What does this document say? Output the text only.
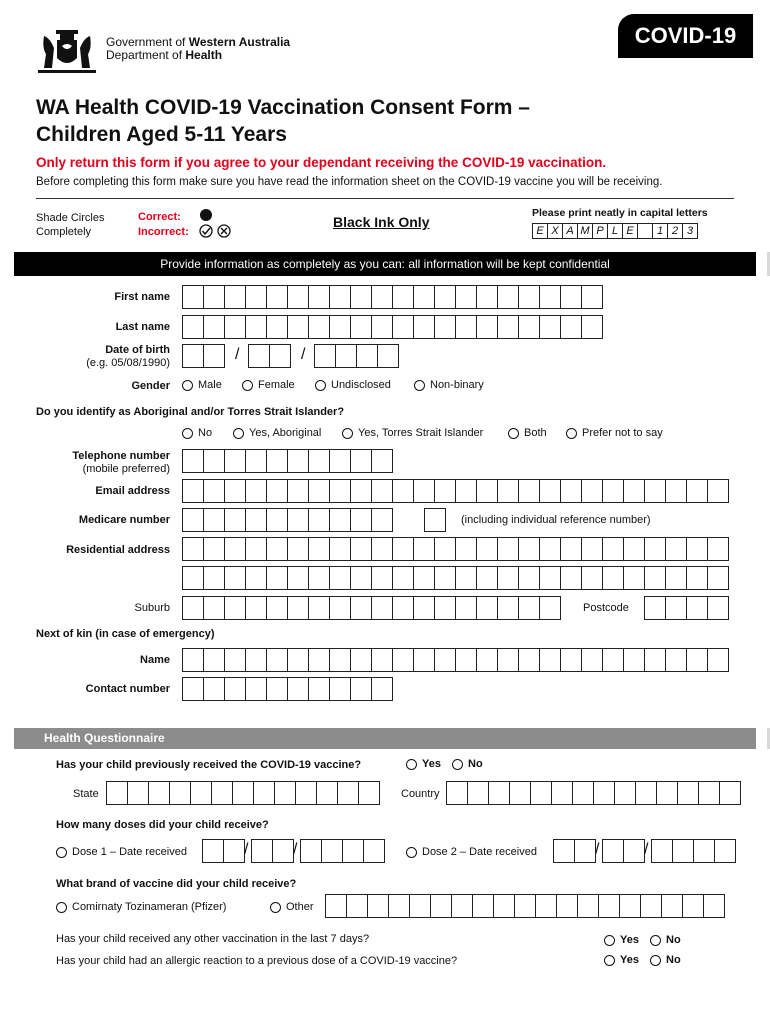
Government of Western Australia
Department of Health
COVID-19
WA Health COVID-19 Vaccination Consent Form –
Children Aged 5-11 Years
Only return this form if you agree to your dependant receiving the COVID-19 vaccination.
Before completing this form make sure you have read the information sheet on the COVID-19 vaccine you will be receiving.
Shade Circles
Completely
Correct:
Incorrect:
Black Ink Only
Please print neatly in capital letters
E X A M P L E	1 2 3
Provide information as completely as you can: all information will be kept confidential
First name
Last name
Date of birth
(e.g. 05/08/1990)	/	/
Gender	Male	Female	Undisclosed	Non-binary
Do you identify as Aboriginal and/or Torres Strait Islander?
No	Yes, Aboriginal	Yes, Torres Strait Islander	Both	Prefer not to say
Telephone number
(mobile preferred)
Email address
Medicare number	(including individual reference number)
Residential address
Suburb	Postcode
Next of kin (in case of emergency)
Name
Contact number
Health Questionnaire
Has your child previously received the COVID-19 vaccine?	Yes No
State	Country
How many doses did your child receive?
Dose 1 – Date received	/	/	Dose 2 – Date received	/	/
What brand of vaccine did your child receive?
Comirnaty Tozinameran (Pfizer)	Other
Has your child received any other vaccination in the last 7 days?	Yes No
Has your child had an allergic reaction to a previous dose of a COVID-19 vaccine?	Yes No
